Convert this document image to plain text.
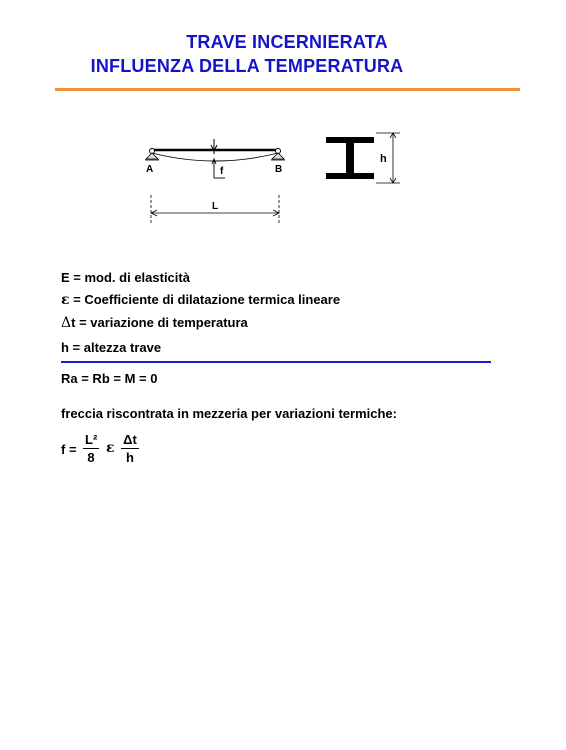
TRAVE INCERNIERATA
INFLUENZA DELLA TEMPERATURA
f
A	B
L
h
E = mod. di elasticità
ε = Coefficiente di dilatazione termica lineare
Δt = variazione di temperatura
h = altezza trave
Ra = Rb = M = 0
freccia riscontrata in mezzeria per variazioni termiche:
$f = \frac{\text{L²}}{8}$ ε $\frac{\Delta t}{h}$
